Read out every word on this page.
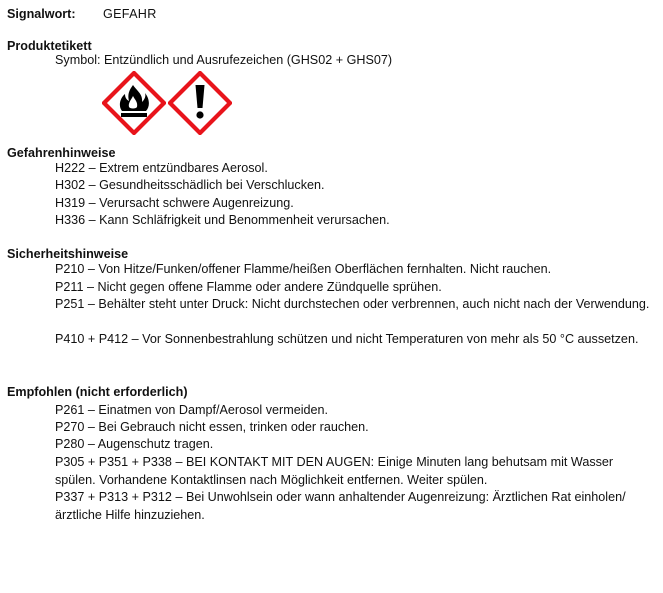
Signalwort: GEFAHR
Produktetikett
Symbol: Entzündlich und Ausrufezeichen (GHS02 + GHS07)
Gefahrenhinweise
H222 – Extrem entzündbares Aerosol.
H302 – Gesundheitsschädlich bei Verschlucken.
H319 – Verursacht schwere Augenreizung.
H336 – Kann Schläfrigkeit und Benommenheit verursachen.
Sicherheitshinweise
P210 – Von Hitze/Funken/offener Flamme/heißen Oberflächen fernhalten. Nicht rauchen.
P211 – Nicht gegen offene Flamme oder andere Zündquelle sprühen.
P251 – Behälter steht unter Druck: Nicht durchstechen oder verbrennen, auch nicht nach der Verwendung.
P410 + P412 – Vor Sonnenbestrahlung schützen und nicht Temperaturen von mehr als 50 °C aussetzen.
Empfohlen (nicht erforderlich)
P261 – Einatmen von Dampf/Aerosol vermeiden.
P270 – Bei Gebrauch nicht essen, trinken oder rauchen.
P280 – Augenschutz tragen.
P305 + P351 + P338 – BEI KONTAKT MIT DEN AUGEN: Einige Minuten lang behutsam mit Wasser spülen. Vorhandene Kontaktlinsen nach Möglichkeit entfernen. Weiter spülen.
P337 + P313 + P312 – Bei Unwohlsein oder wann anhaltender Augenreizung: Ärztlichen Rat einholen/ärztliche Hilfe hinzuziehen.
